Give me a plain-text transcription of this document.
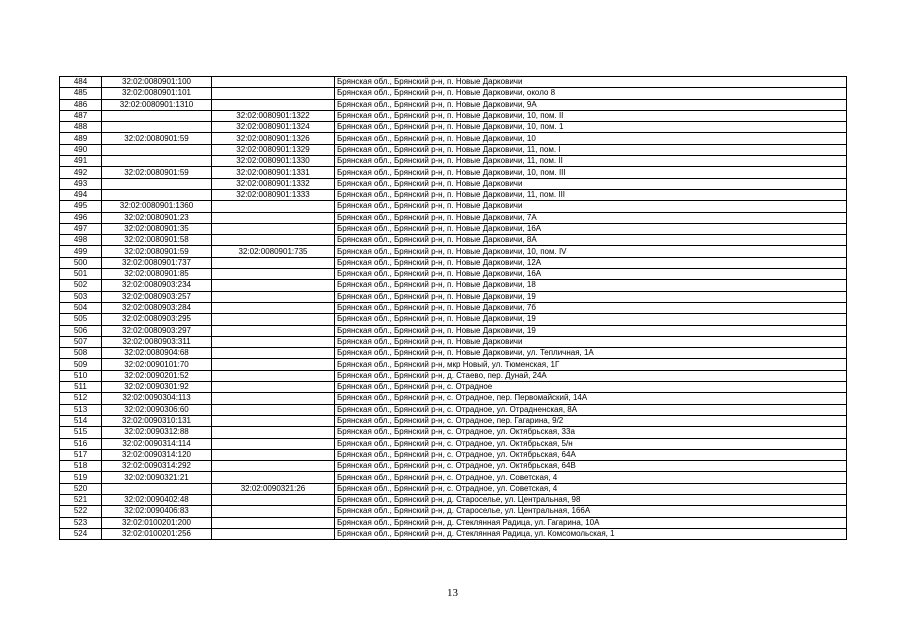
484	32:02:0080901:100		Брянская обл., Брянский р-н, п. Новые Дарковичи
485	32:02:0080901:101		Брянская обл., Брянский р-н, п. Новые Дарковичи, около 8
486	32:02:0080901:1310		Брянская обл., Брянский р-н, п. Новые Дарковичи, 9А
487		32:02:0080901:1322	Брянская обл., Брянский р-н, п. Новые Дарковичи, 10, пом. II
488		32:02:0080901:1324	Брянская обл., Брянский р-н, п. Новые Дарковичи, 10, пом. 1
489	32:02:0080901:59	32:02:0080901:1326	Брянская обл., Брянский р-н, п. Новые Дарковичи, 10
490		32:02:0080901:1329	Брянская обл., Брянский р-н, п. Новые Дарковичи, 11, пом. I
491		32:02:0080901:1330	Брянская обл., Брянский р-н, п. Новые Дарковичи, 11, пом. II
492	32:02:0080901:59	32:02:0080901:1331	Брянская обл., Брянский р-н, п. Новые Дарковичи, 10, пом. III
493		32:02:0080901:1332	Брянская обл., Брянский р-н, п. Новые Дарковичи
494		32:02:0080901:1333	Брянская обл., Брянский р-н, п. Новые Дарковичи, 11, пом. III
495	32:02:0080901:1360		Брянская обл., Брянский р-н, п. Новые Дарковичи
496	32:02:0080901:23		Брянская обл., Брянский р-н, п. Новые Дарковичи, 7А
497	32:02:0080901:35		Брянская обл., Брянский р-н, п. Новые Дарковичи, 16А
498	32:02:0080901:58		Брянская обл., Брянский р-н, п. Новые Дарковичи, 8А
499	32:02:0080901:59	32:02:0080901:735	Брянская обл., Брянский р-н, п. Новые Дарковичи, 10, пом. IV
500	32:02:0080901:737		Брянская обл., Брянский р-н, п. Новые Дарковичи, 12А
501	32:02:0080901:85		Брянская обл., Брянский р-н, п. Новые Дарковичи, 16А
502	32:02:0080903:234		Брянская обл., Брянский р-н, п. Новые Дарковичи, 18
503	32:02:0080903:257		Брянская обл., Брянский р-н, п. Новые Дарковичи, 19
504	32:02:0080903:284		Брянская обл., Брянский р-н, п. Новые Дарковичи, 7б
505	32:02:0080903:295		Брянская обл., Брянский р-н, п. Новые Дарковичи, 19
506	32:02:0080903:297		Брянская обл., Брянский р-н, п. Новые Дарковичи, 19
507	32:02:0080903:311		Брянская обл., Брянский р-н, п. Новые Дарковичи
508	32:02:0080904:68		Брянская обл., Брянский р-н, п. Новые Дарковичи, ул. Тепличная, 1А
509	32:02:0090101:70		Брянская обл., Брянский р-н, мкр Новый, ул. Тюменская, 1Г
510	32:02:0090201:52		Брянская обл., Брянский р-н, д. Стаево, пер. Дунай, 24А
511	32:02:0090301:92		Брянская обл., Брянский р-н, с. Отрадное
512	32:02:0090304:113		Брянская обл., Брянский р-н, с. Отрадное, пер. Первомайский, 14А
513	32:02:0090306:60		Брянская обл., Брянский р-н, с. Отрадное, ул. Отрадненская, 8А
514	32:02:0090310:131		Брянская обл., Брянский р-н, с. Отрадное, пер. Гагарина, 9/2
515	32:02:0090312:88		Брянская обл., Брянский р-н, с. Отрадное, ул. Октябрьская, 33а
516	32:02:0090314:114		Брянская обл., Брянский р-н, с. Отрадное, ул. Октябрьская, 5/н
517	32:02:0090314:120		Брянская обл., Брянский р-н, с. Отрадное, ул. Октябрьская, 64А
518	32:02:0090314:292		Брянская обл., Брянский р-н, с. Отрадное, ул. Октябрьская, 64В
519	32:02:0090321:21		Брянская обл., Брянский р-н, с. Отрадное, ул. Советская, 4
520		32:02:0090321:26	Брянская обл., Брянский р-н, с. Отрадное, ул. Советская, 4
521	32:02:0090402:48		Брянская обл., Брянский р-н, д. Староселье, ул. Центральная, 98
522	32:02:0090406:83		Брянская обл., Брянский р-н, д. Староселье, ул. Центральная, 166А
523	32:02:0100201:200		Брянская обл., Брянский р-н, д. Стеклянная Радица, ул. Гагарина, 10А
524	32:02:0100201:256		Брянская обл., Брянский р-н, д. Стеклянная Радица, ул. Комсомольская, 1
13
